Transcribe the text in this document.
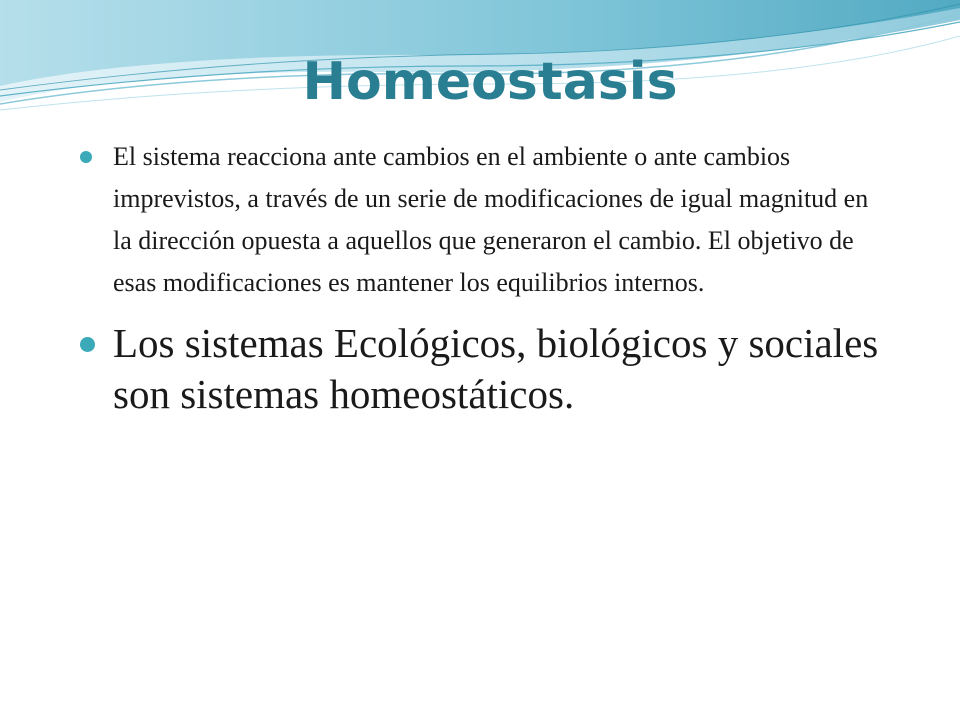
Homeostasis
El sistema reacciona ante cambios en el ambiente o ante cambios imprevistos, a través de un serie de modificaciones de igual magnitud en la dirección opuesta a aquellos que generaron el cambio. El objetivo de esas modificaciones es mantener los equilibrios internos.
Los sistemas Ecológicos, biológicos y sociales son sistemas homeostáticos.
